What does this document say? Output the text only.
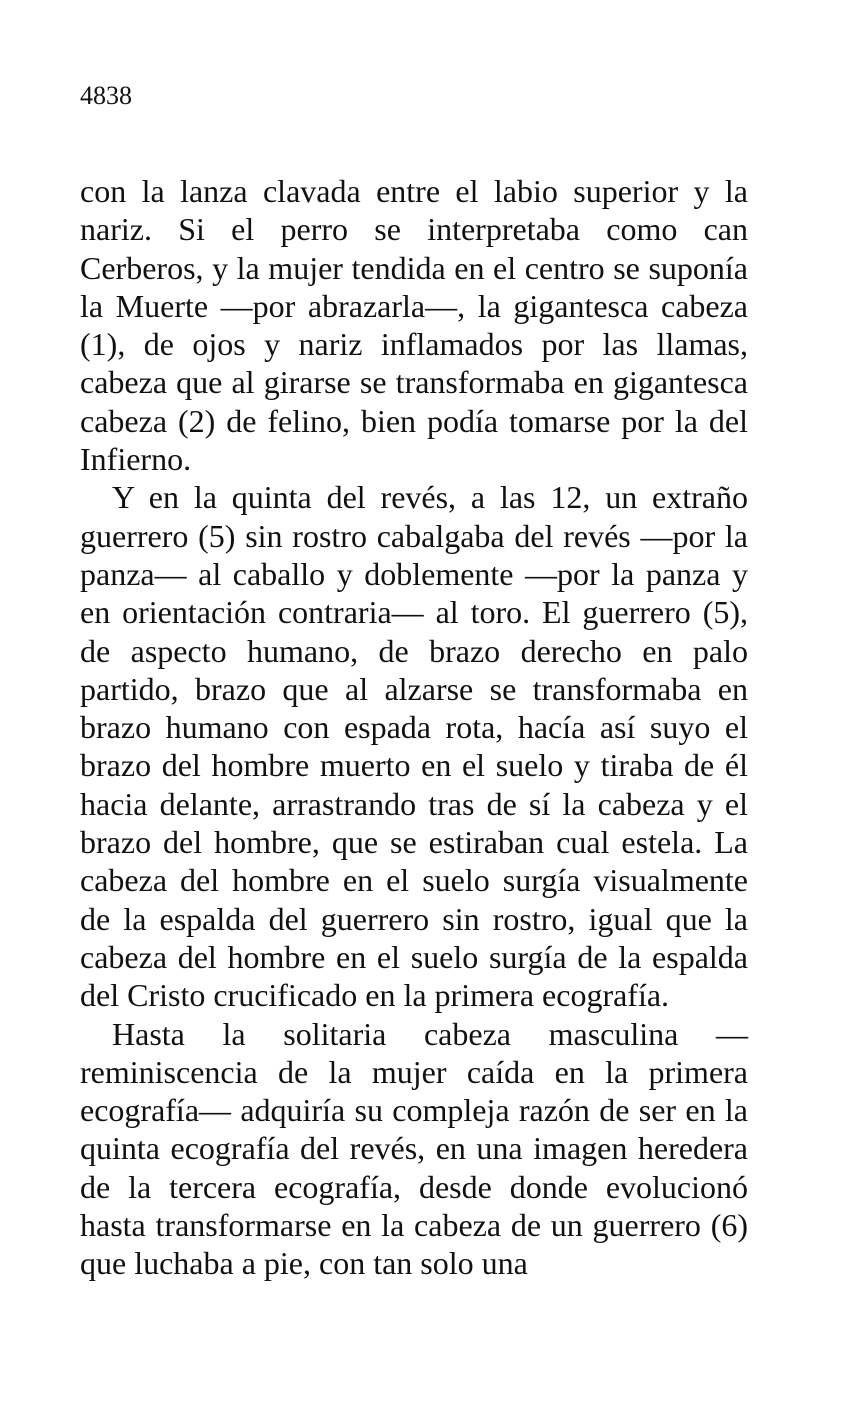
4838

con la lanza clavada entre el labio superior y la nariz. Si el perro se interpretaba como can Cerberos, y la mujer tendida en el centro se suponía la Muerte —por abrazarla—, la gigantesca cabeza (1), de ojos y nariz inflamados por las llamas, cabeza que al girarse se transformaba en gigantesca cabeza (2) de felino, bien podía tomarse por la del Infierno.

Y en la quinta del revés, a las 12, un extraño guerrero (5) sin rostro cabalgaba del revés —por la panza— al caballo y doblemente —por la panza y en orientación contraria— al toro. El guerrero (5), de aspecto humano, de brazo derecho en palo partido, brazo que al alzarse se transformaba en brazo humano con espada rota, hacía así suyo el brazo del hombre muerto en el suelo y tiraba de él hacia delante, arrastrando tras de sí la cabeza y el brazo del hombre, que se estiraban cual estela. La cabeza del hombre en el suelo surgía visualmente de la espalda del guerrero sin rostro, igual que la cabeza del hombre en el suelo surgía de la espalda del Cristo crucificado en la primera ecografía.

Hasta la solitaria cabeza masculina —reminiscencia de la mujer caída en la primera ecografía— adquiría su compleja razón de ser en la quinta ecografía del revés, en una imagen heredera de la tercera ecografía, desde donde evolucionó hasta transformarse en la cabeza de un guerrero (6) que luchaba a pie, con tan solo una
